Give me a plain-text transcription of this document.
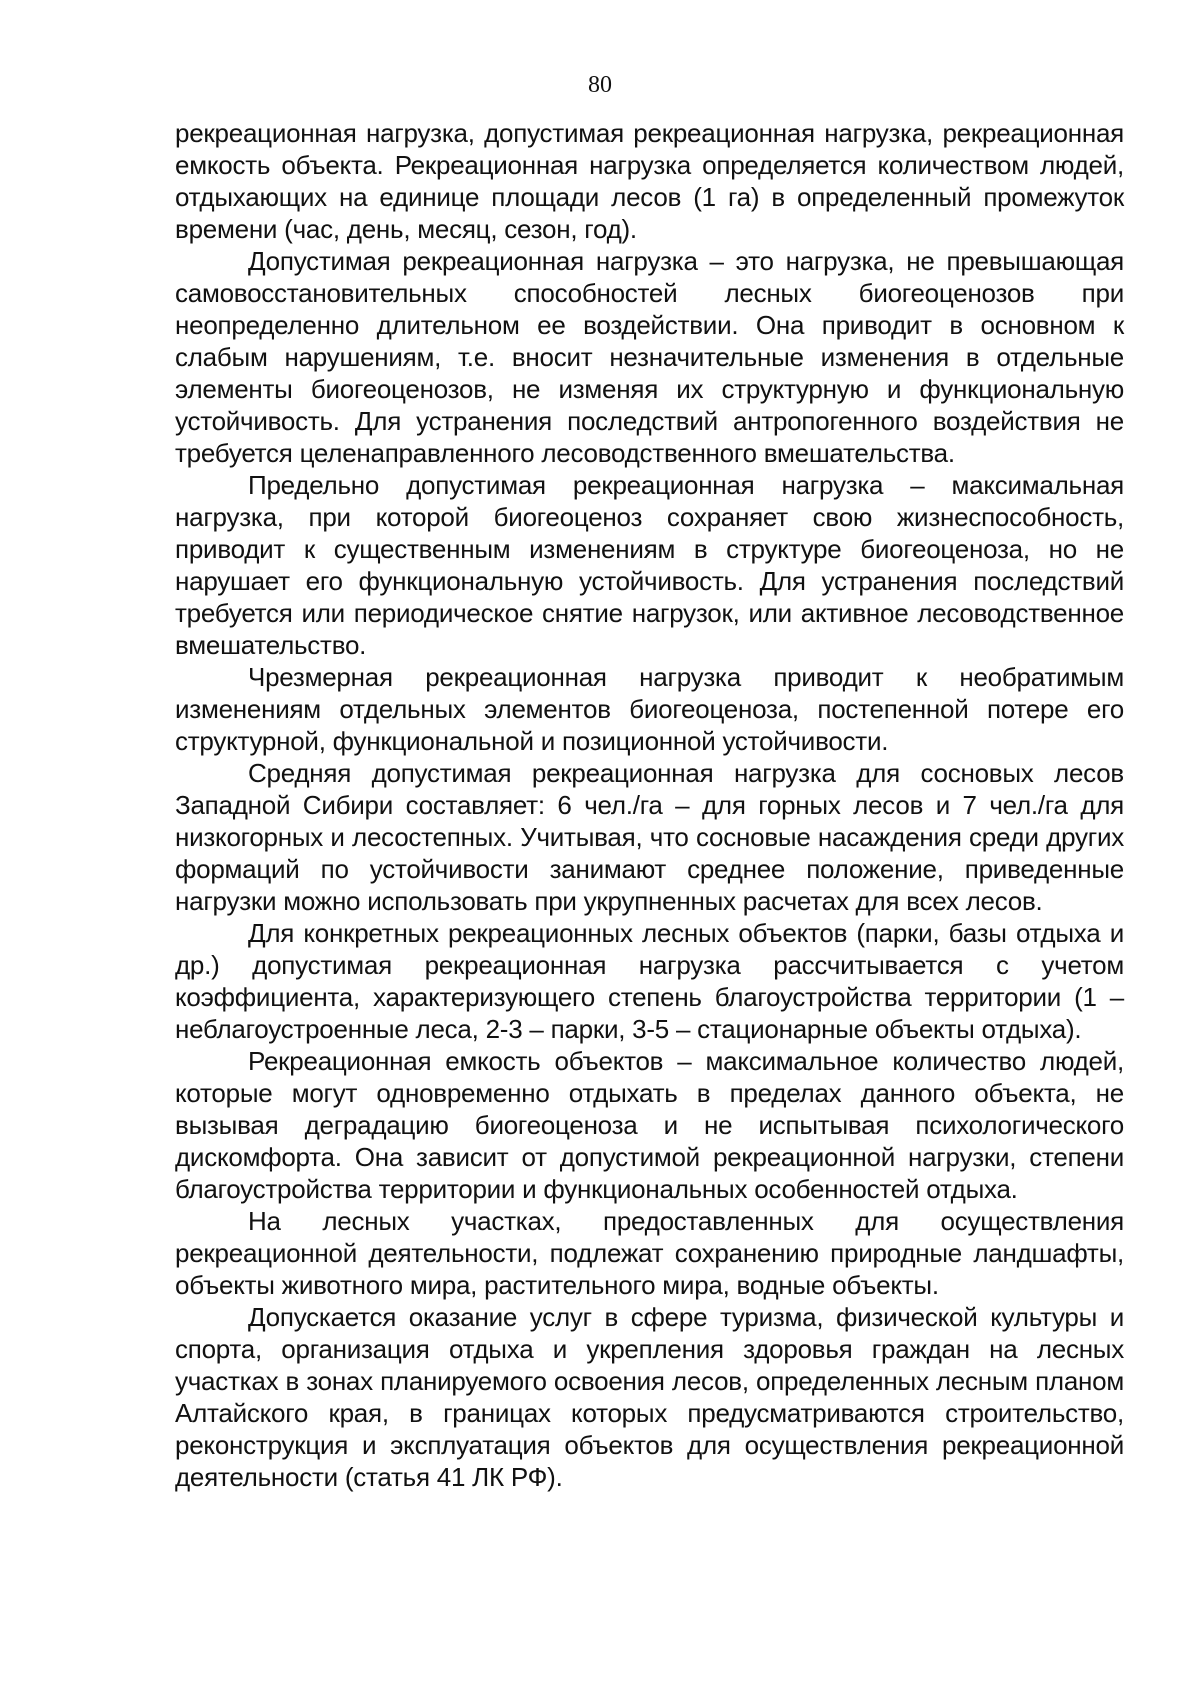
80

рекреационная нагрузка, допустимая рекреационная нагрузка, рекреационная емкость объекта. Рекреационная нагрузка определяется количеством людей, отдыхающих на единице площади лесов (1 га) в определенный промежуток времени (час, день, месяц, сезон, год).

Допустимая рекреационная нагрузка – это нагрузка, не превышающая самовосстановительных способностей лесных биогеоценозов при неопределенно длительном ее воздействии. Она приводит в основном к слабым нарушениям, т.е. вносит незначительные изменения в отдельные элементы биогеоценозов, не изменяя их структурную и функциональную устойчивость. Для устранения последствий антропогенного воздействия не требуется целенаправленного лесоводственного вмешательства.

Предельно допустимая рекреационная нагрузка – максимальная нагрузка, при которой биогеоценоз сохраняет свою жизнеспособность, приводит к существенным изменениям в структуре биогеоценоза, но не нарушает его функциональную устойчивость. Для устранения последствий требуется или периодическое снятие нагрузок, или активное лесоводственное вмешательство.

Чрезмерная рекреационная нагрузка приводит к необратимым изменениям отдельных элементов биогеоценоза, постепенной потере его структурной, функциональной и позиционной устойчивости.

Средняя допустимая рекреационная нагрузка для сосновых лесов Западной Сибири составляет: 6 чел./га – для горных лесов и 7 чел./га для низкогорных и лесостепных. Учитывая, что сосновые насаждения среди других формаций по устойчивости занимают среднее положение, приведенные нагрузки можно использовать при укрупненных расчетах для всех лесов.

Для конкретных рекреационных лесных объектов (парки, базы отдыха и др.) допустимая рекреационная нагрузка рассчитывается с учетом коэффициента, характеризующего степень благоустройства территории (1 – неблагоустроенные леса, 2-3 – парки, 3-5 – стационарные объекты отдыха).

Рекреационная емкость объектов – максимальное количество людей, которые могут одновременно отдыхать в пределах данного объекта, не вызывая деградацию биогеоценоза и не испытывая психологического дискомфорта. Она зависит от допустимой рекреационной нагрузки, степени благоустройства территории и функциональных особенностей отдыха.

На лесных участках, предоставленных для осуществления рекреационной деятельности, подлежат сохранению природные ландшафты, объекты животного мира, растительного мира, водные объекты.

Допускается оказание услуг в сфере туризма, физической культуры и спорта, организация отдыха и укрепления здоровья граждан на лесных участках в зонах планируемого освоения лесов, определенных лесным планом Алтайского края, в границах которых предусматриваются строительство, реконструкция и эксплуатация объектов для осуществления рекреационной деятельности (статья 41 ЛК РФ).
